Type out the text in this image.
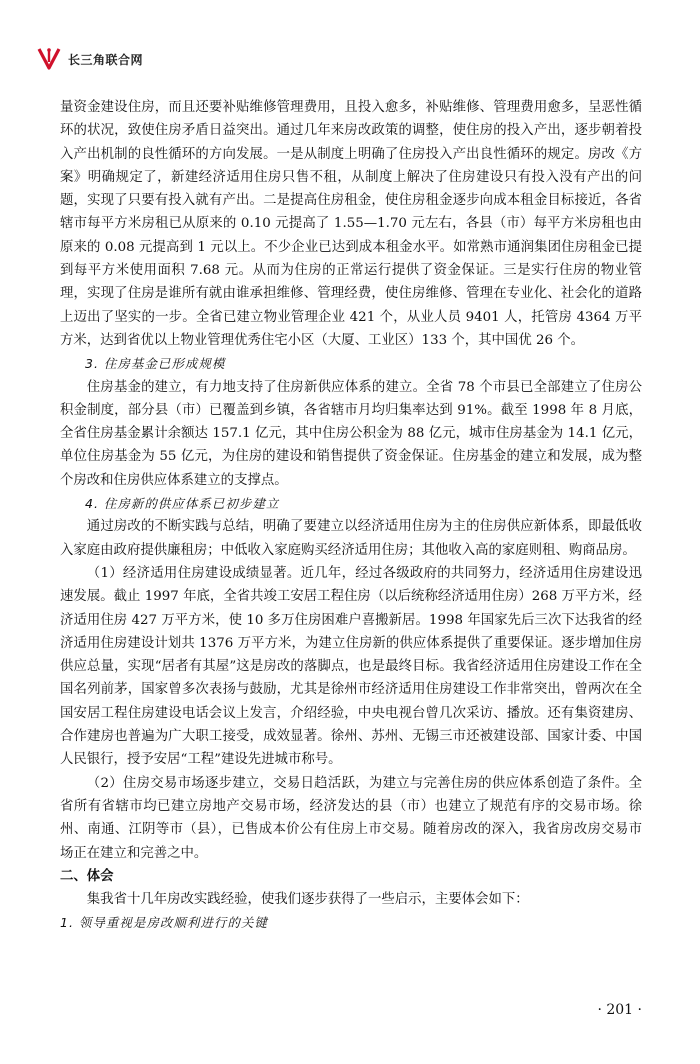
长三角联合网

量资金建设住房，而且还要补贴维修管理费用，且投入愈多，补贴维修、管理费用愈多，呈恶性循环的状况，致使住房矛盾日益突出。通过几年来房改政策的调整，使住房的投入产出，逐步朝着投入产出机制的良性循环的方向发展。一是从制度上明确了住房投入产出良性循环的规定。房改《方案》明确规定了，新建经济适用住房只售不租，从制度上解决了住房建设只有投入没有产出的问题，实现了只要有投入就有产出。二是提高住房租金，使住房租金逐步向成本租金目标接近，各省辖市每平方米房租已从原来的 0.10 元提高了 1.55—1.70 元左右，各县（市）每平方米房租也由原来的 0.08 元提高到 1 元以上。不少企业已达到成本租金水平。如常熟市通润集团住房租金已提到每平方米使用面积 7.68 元。从而为住房的正常运行提供了资金保证。三是实行住房的物业管理，实现了住房是谁所有就由谁承担维修、管理经费，使住房维修、管理在专业化、社会化的道路上迈出了坚实的一步。全省已建立物业管理企业 421 个，从业人员 9401 人，托管房 4364 万平方米，达到省优以上物业管理优秀住宅小区（大厦、工业区）133 个，其中国优 26 个。

3. 住房基金已形成规模

住房基金的建立，有力地支持了住房新供应体系的建立。全省 78 个市县已全部建立了住房公积金制度，部分县（市）已覆盖到乡镇，各省辖市月均归集率达到 91%。截至 1998 年 8 月底，全省住房基金累计余额达 157.1 亿元，其中住房公积金为 88 亿元，城市住房基金为 14.1 亿元，单位住房基金为 55 亿元，为住房的建设和销售提供了资金保证。住房基金的建立和发展，成为整个房改和住房供应体系建立的支撑点。

4. 住房新的供应体系已初步建立

通过房改的不断实践与总结，明确了要建立以经济适用住房为主的住房供应新体系，即最低收入家庭由政府提供廉租房；中低收入家庭购买经济适用住房；其他收入高的家庭则租、购商品房。

（1）经济适用住房建设成绩显著。近几年，经过各级政府的共同努力，经济适用住房建设迅速发展。截止 1997 年底，全省共竣工安居工程住房（以后统称经济适用住房）268 万平方米，经济适用住房 427 万平方米，使 10 多万住房困难户喜搬新居。1998 年国家先后三次下达我省的经济适用住房建设计划共 1376 万平方米，为建立住房新的供应体系提供了重要保证。逐步增加住房供应总量，实现“居者有其屋”这是房改的落脚点，也是最终目标。我省经济适用住房建设工作在全国名列前茅，国家曾多次表扬与鼓励，尤其是徐州市经济适用住房建设工作非常突出，曾两次在全国安居工程住房建设电话会议上发言，介绍经验，中央电视台曾几次采访、播放。还有集资建房、合作建房也普遍为广大职工接受，成效显著。徐州、苏州、无锡三市还被建设部、国家计委、中国人民银行，授予安居“工程”建设先进城市称号。

（2）住房交易市场逐步建立，交易日趋活跃，为建立与完善住房的供应体系创造了条件。全省所有省辖市均已建立房地产交易市场，经济发达的县（市）也建立了规范有序的交易市场。徐州、南通、江阴等市（县），已售成本价公有住房上市交易。随着房改的深入，我省房改房交易市场正在建立和完善之中。

二、体会

集我省十几年房改实践经验，使我们逐步获得了一些启示，主要体会如下：

1. 领导重视是房改顺利进行的关键

· 201 ·
